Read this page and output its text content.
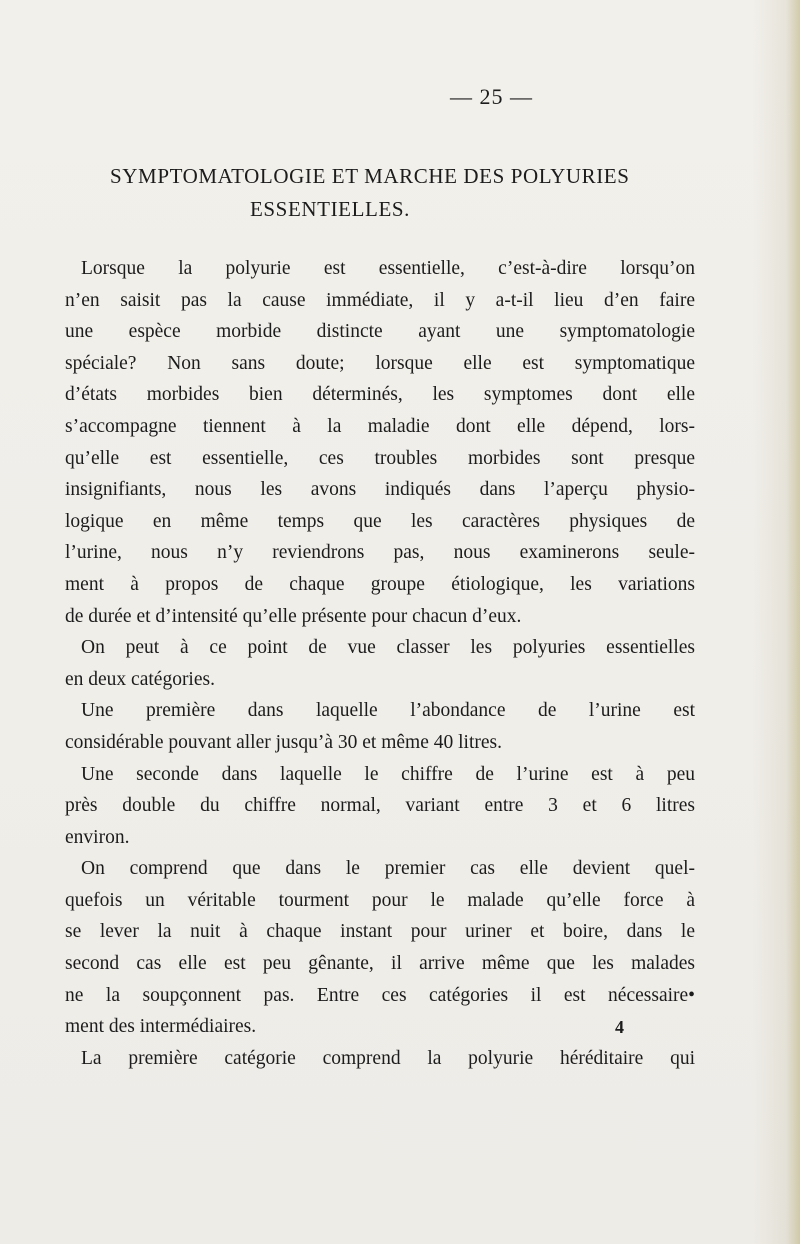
— 25 —
SYMPTOMATOLOGIE ET MARCHE DES POLYURIES
ESSENTIELLES.
Lorsque la polyurie est essentielle, c’est-à-dire lorsqu’on
n’en saisit pas la cause immédiate, il y a-t-il lieu d’en faire
une espèce morbide distincte ayant une symptomatologie
spéciale? Non sans doute; lorsque elle est symptomatique
d’états morbides bien déterminés, les symptomes dont elle
s’accompagne tiennent à la maladie dont elle dépend, lors-
qu’elle est essentielle, ces troubles morbides sont presque
insignifiants, nous les avons indiqués dans l’aperçu physio-
logique en même temps que les caractères physiques de
l’urine, nous n’y reviendrons pas, nous examinerons seule-
ment à propos de chaque groupe étiologique, les variations
de durée et d’intensité qu’elle présente pour chacun d’eux.
On peut à ce point de vue classer les polyuries essentielles
en deux catégories.
Une première dans laquelle l’abondance de l’urine est
considérable pouvant aller jusqu’à 30 et même 40 litres.
Une seconde dans laquelle le chiffre de l’urine est à peu
près double du chiffre normal, variant entre 3 et 6 litres
environ.
On comprend que dans le premier cas elle devient quel-
quefois un véritable tourment pour le malade qu’elle force à
se lever la nuit à chaque instant pour uriner et boire, dans le
second cas elle est peu gênante, il arrive même que les malades
ne la soupçonnent pas. Entre ces catégories il est nécessaire•
ment des intermédiaires.
La première catégorie comprend la polyurie héréditaire qui
4
